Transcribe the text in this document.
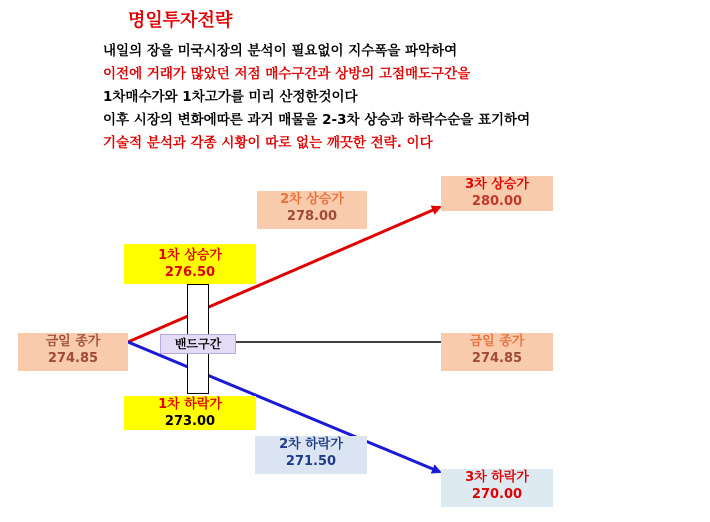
명일투자전략
내일의 장을 미국시장의 분석이 필요없이 지수폭을 파악하여
이전에 거래가 많았던 저점 매수구간과 상방의 고점매도구간을
1차매수가와 1차고가를 미리 산정한것이다
이후 시장의 변화에따른 과거 매물을 2-3차 상승과 하락수순을 표기하여
기술적 분석과 각종 시황이 따로 없는 깨끗한 전략. 이다
밴드구간
금일 종가
274.85
1차 상승가
276.50
2차 상승가
278.00
3차 상승가
280.00
금일 종가
274.85
1차 하락가
273.00
2차 하락가
271.50
3차 하락가
270.00
